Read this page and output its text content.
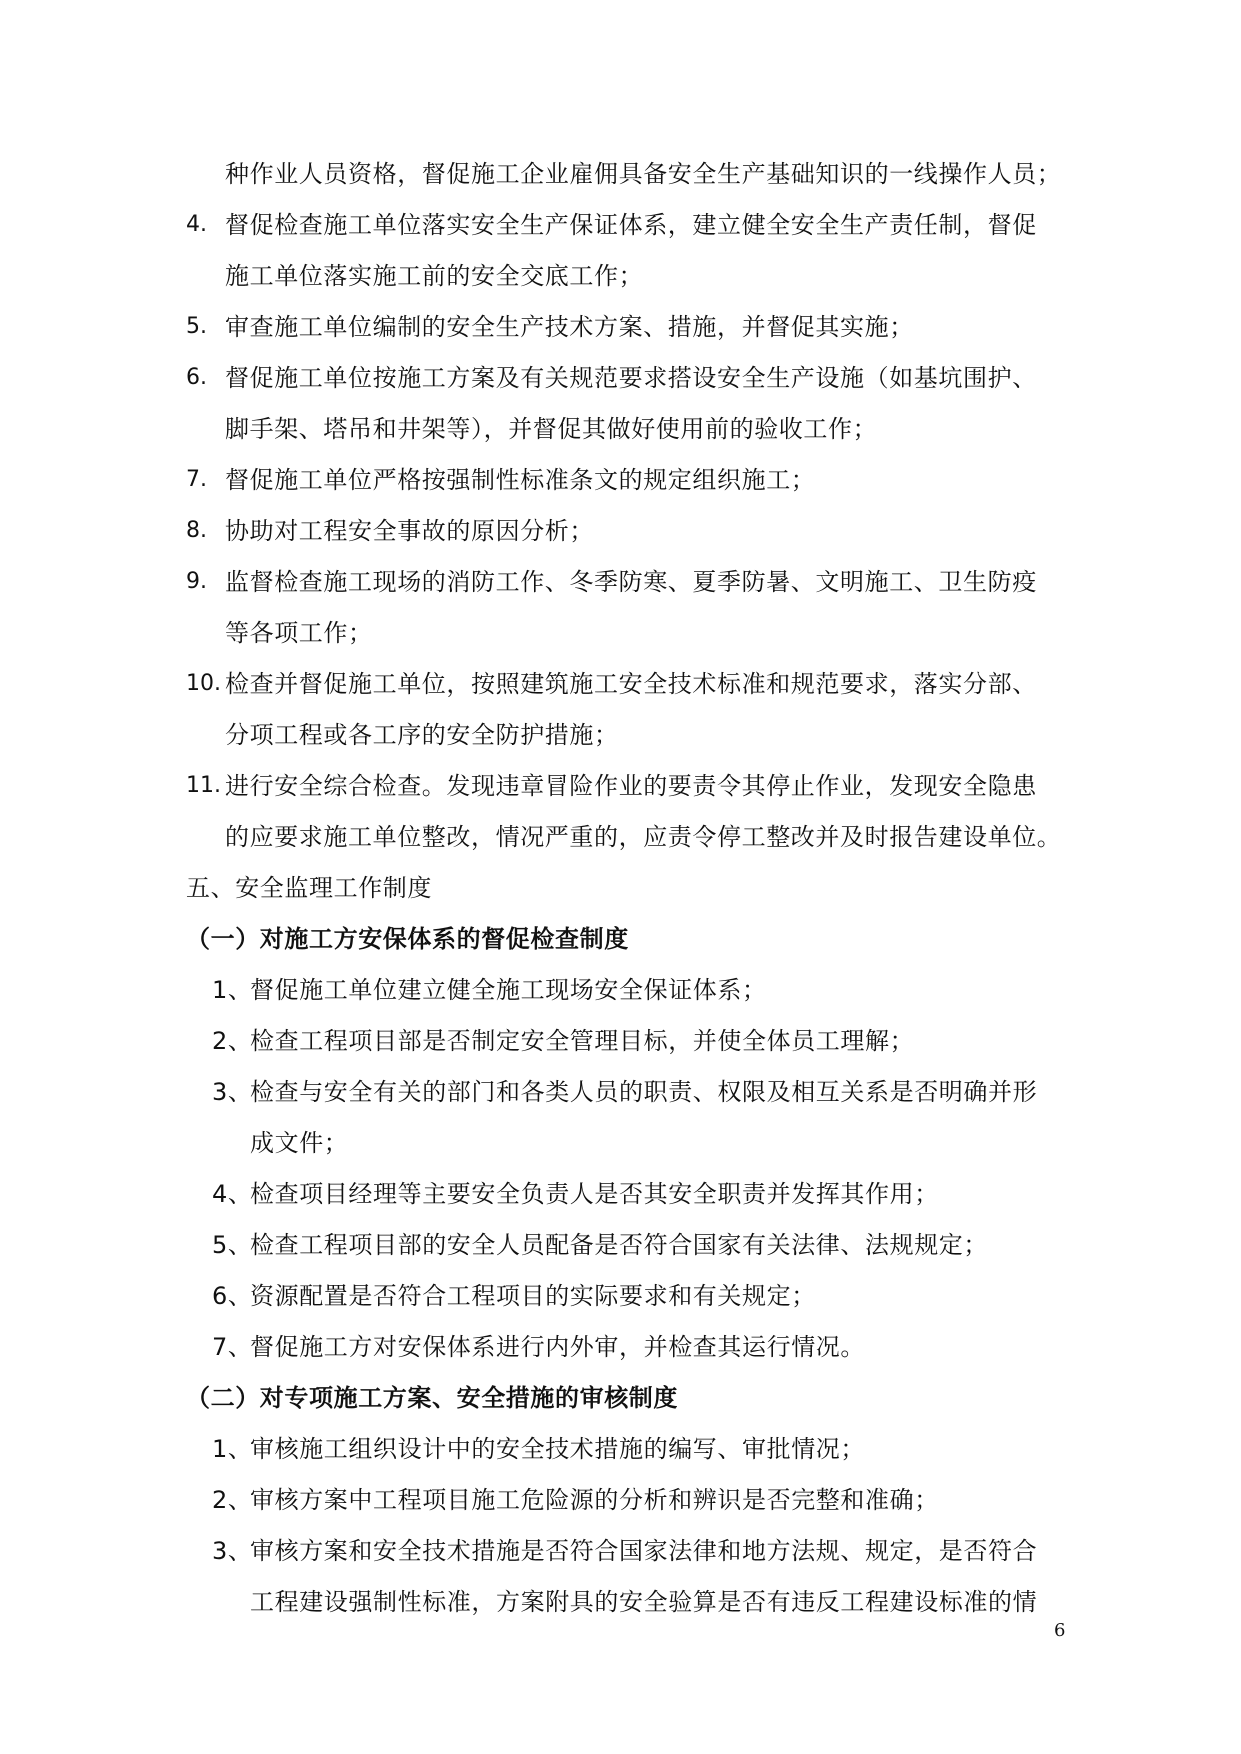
种作业人员资格，督促施工企业雇佣具备安全生产基础知识的一线操作人员；
4. 督促检查施工单位落实安全生产保证体系，建立健全安全生产责任制，督促
施工单位落实施工前的安全交底工作；
5. 审查施工单位编制的安全生产技术方案、措施，并督促其实施；
6. 督促施工单位按施工方案及有关规范要求搭设安全生产设施（如基坑围护、
脚手架、塔吊和井架等），并督促其做好使用前的验收工作；
7. 督促施工单位严格按强制性标准条文的规定组织施工；
8. 协助对工程安全事故的原因分析；
9. 监督检查施工现场的消防工作、冬季防寒、夏季防暑、文明施工、卫生防疫
等各项工作；
10. 检查并督促施工单位，按照建筑施工安全技术标准和规范要求，落实分部、
分项工程或各工序的安全防护措施；
11. 进行安全综合检查。发现违章冒险作业的要责令其停止作业，发现安全隐患
的应要求施工单位整改，情况严重的，应责令停工整改并及时报告建设单位。
五、安全监理工作制度
（一）对施工方安保体系的督促检查制度
1、
督促施工单位建立健全施工现场安全保证体系；
2、
检查工程项目部是否制定安全管理目标，并使全体员工理解；
3、
检查与安全有关的部门和各类人员的职责、权限及相互关系是否明确并形
成文件；
4、
检查项目经理等主要安全负责人是否其安全职责并发挥其作用；
5、
检查工程项目部的安全人员配备是否符合国家有关法律、法规规定；
6、
资源配置是否符合工程项目的实际要求和有关规定；
7、
督促施工方对安保体系进行内外审，并检查其运行情况。
（二）对专项施工方案、安全措施的审核制度
1、
审核施工组织设计中的安全技术措施的编写、审批情况；
2、
审核方案中工程项目施工危险源的分析和辨识是否完整和准确；
3、
审核方案和安全技术措施是否符合国家法律和地方法规、规定，是否符合
工程建设强制性标准，方案附具的安全验算是否有违反工程建设标准的情
6
